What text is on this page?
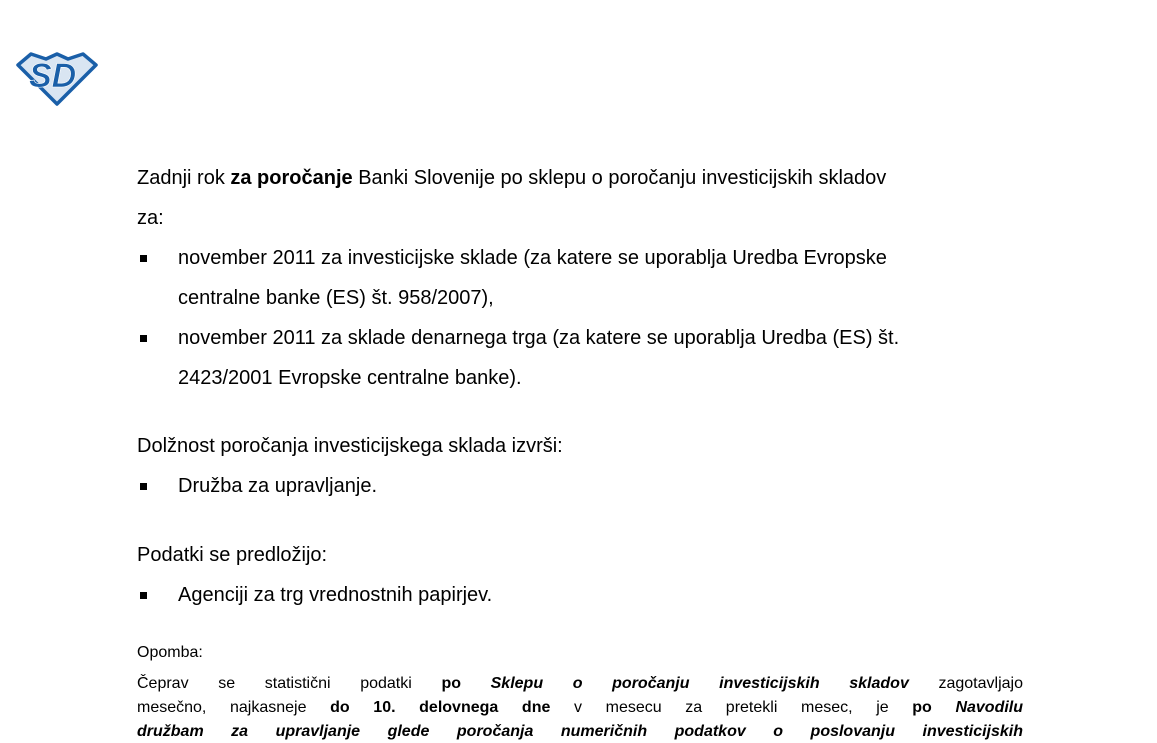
SD
Zadnji rok za poročanje Banki Slovenije po sklepu o poročanju investicijskih skladov
za:
november 2011 za investicijske sklade (za katere se uporablja Uredba Evropske
centralne banke (ES) št. 958/2007),
november 2011 za sklade denarnega trga (za katere se uporablja Uredba (ES) št.
2423/2001 Evropske centralne banke).
Dolžnost poročanja investicijskega sklada izvrši:
Družba za upravljanje.
Podatki se predložijo:
Agenciji za trg vrednostnih papirjev.
Opomba:
Čeprav se statistični podatki po Sklepu o poročanju investicijskih skladov zagotavljajo
mesečno, najkasneje do 10. delovnega dne v mesecu za pretekli mesec, je po Navodilu
družbam za upravljanje glede poročanja numeričnih podatkov o poslovanju investicijskih
